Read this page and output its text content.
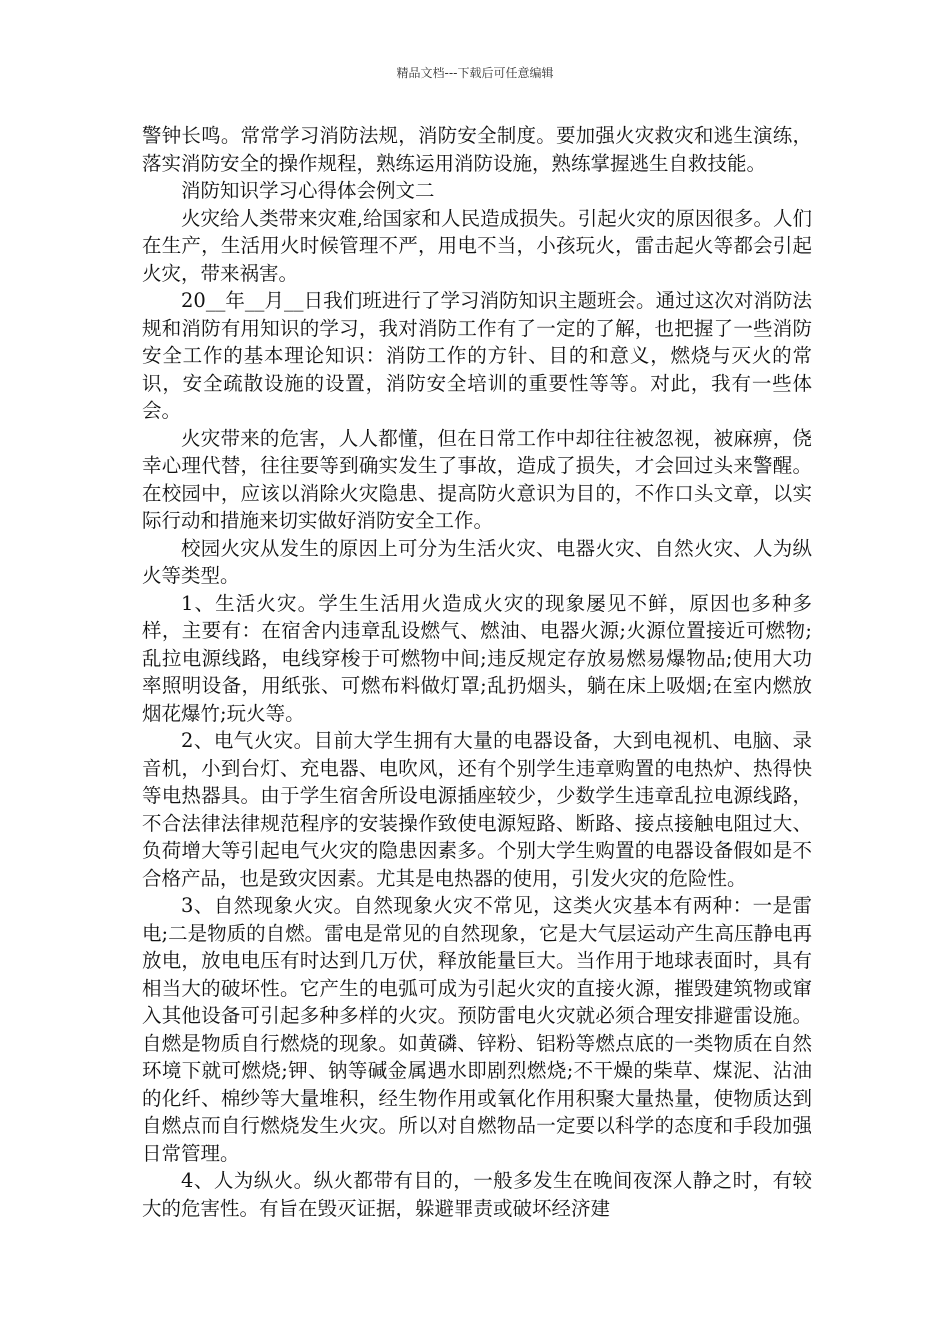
精品文档---下载后可任意编辑

警钟长鸣。常常学习消防法规，消防安全制度。要加强火灾救灾和逃生演练，落实消防安全的操作规程，熟练运用消防设施，熟练掌握逃生自救技能。

消防知识学习心得体会例文二

火灾给人类带来灾难,给国家和人民造成损失。引起火灾的原因很多。人们在生产，生活用火时候管理不严，用电不当，小孩玩火，雷击起火等都会引起火灾，带来祸害。

20__年__月__日我们班进行了学习消防知识主题班会。通过这次对消防法规和消防有用知识的学习，我对消防工作有了一定的了解，也把握了一些消防安全工作的基本理论知识：消防工作的方针、目的和意义，燃烧与灭火的常识，安全疏散设施的设置，消防安全培训的重要性等等。对此，我有一些体会。

火灾带来的危害，人人都懂，但在日常工作中却往往被忽视，被麻痹，侥幸心理代替，往往要等到确实发生了事故，造成了损失，才会回过头来警醒。在校园中，应该以消除火灾隐患、提高防火意识为目的，不作口头文章，以实际行动和措施来切实做好消防安全工作。

校园火灾从发生的原因上可分为生活火灾、电器火灾、自然火灾、人为纵火等类型。

1、生活火灾。学生生活用火造成火灾的现象屡见不鲜，原因也多种多样，主要有：在宿舍内违章乱设燃气、燃油、电器火源;火源位置接近可燃物;乱拉电源线路，电线穿梭于可燃物中间;违反规定存放易燃易爆物品;使用大功率照明设备，用纸张、可燃布料做灯罩;乱扔烟头，躺在床上吸烟;在室内燃放烟花爆竹;玩火等。

2、电气火灾。目前大学生拥有大量的电器设备，大到电视机、电脑、录音机，小到台灯、充电器、电吹风，还有个别学生违章购置的电热炉、热得快等电热器具。由于学生宿舍所设电源插座较少，少数学生违章乱拉电源线路，不合法律法律规范程序的安装操作致使电源短路、断路、接点接触电阻过大、负荷增大等引起电气火灾的隐患因素多。个别大学生购置的电器设备假如是不合格产品，也是致灾因素。尤其是电热器的使用，引发火灾的危险性。

3、自然现象火灾。自然现象火灾不常见，这类火灾基本有两种：一是雷电;二是物质的自燃。雷电是常见的自然现象，它是大气层运动产生高压静电再放电，放电电压有时达到几万伏，释放能量巨大。当作用于地球表面时，具有相当大的破坏性。它产生的电弧可成为引起火灾的直接火源，摧毁建筑物或窜入其他设备可引起多种多样的火灾。预防雷电火灾就必须合理安排避雷设施。自燃是物质自行燃烧的现象。如黄磷、锌粉、铝粉等燃点底的一类物质在自然环境下就可燃烧;钾、钠等碱金属遇水即剧烈燃烧;不干燥的柴草、煤泥、沾油的化纤、棉纱等大量堆积，经生物作用或氧化作用积聚大量热量，使物质达到自燃点而自行燃烧发生火灾。所以对自燃物品一定要以科学的态度和手段加强日常管理。

4、人为纵火。纵火都带有目的，一般多发生在晚间夜深人静之时，有较大的危害性。有旨在毁灭证据，躲避罪责或破坏经济建
